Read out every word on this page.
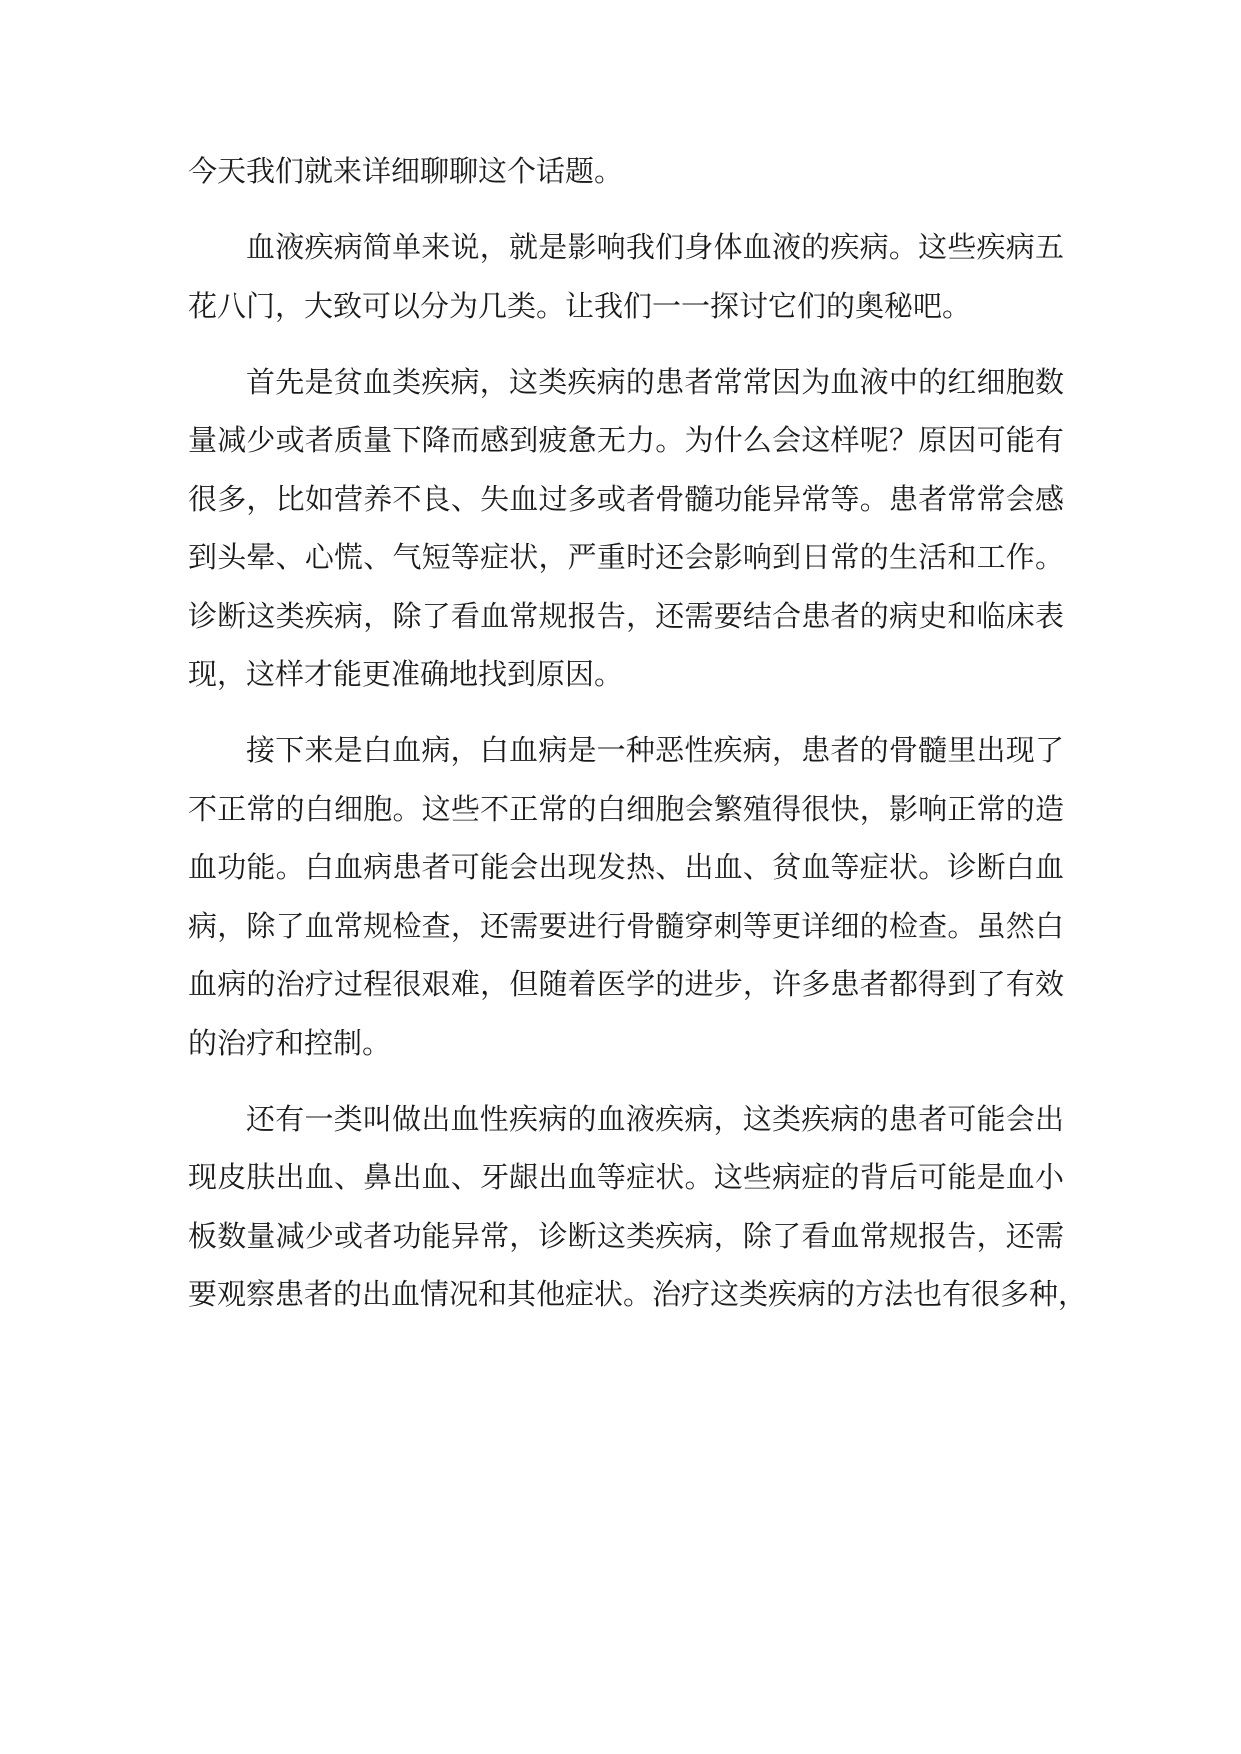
今天我们就来详细聊聊这个话题。
血液疾病简单来说，就是影响我们身体血液的疾病。这些疾病五
花八门，大致可以分为几类。让我们一一探讨它们的奥秘吧。
首先是贫血类疾病，这类疾病的患者常常因为血液中的红细胞数
量减少或者质量下降而感到疲惫无力。为什么会这样呢？原因可能有
很多，比如营养不良、失血过多或者骨髓功能异常等。患者常常会感
到头晕、心慌、气短等症状，严重时还会影响到日常的生活和工作。
诊断这类疾病，除了看血常规报告，还需要结合患者的病史和临床表
现，这样才能更准确地找到原因。
接下来是白血病，白血病是一种恶性疾病，患者的骨髓里出现了
不正常的白细胞。这些不正常的白细胞会繁殖得很快，影响正常的造
血功能。白血病患者可能会出现发热、出血、贫血等症状。诊断白血
病，除了血常规检查，还需要进行骨髓穿刺等更详细的检查。虽然白
血病的治疗过程很艰难，但随着医学的进步，许多患者都得到了有效
的治疗和控制。
还有一类叫做出血性疾病的血液疾病，这类疾病的患者可能会出
现皮肤出血、鼻出血、牙龈出血等症状。这些病症的背后可能是血小
板数量减少或者功能异常，诊断这类疾病，除了看血常规报告，还需
要观察患者的出血情况和其他症状。治疗这类疾病的方法也有很多种，
